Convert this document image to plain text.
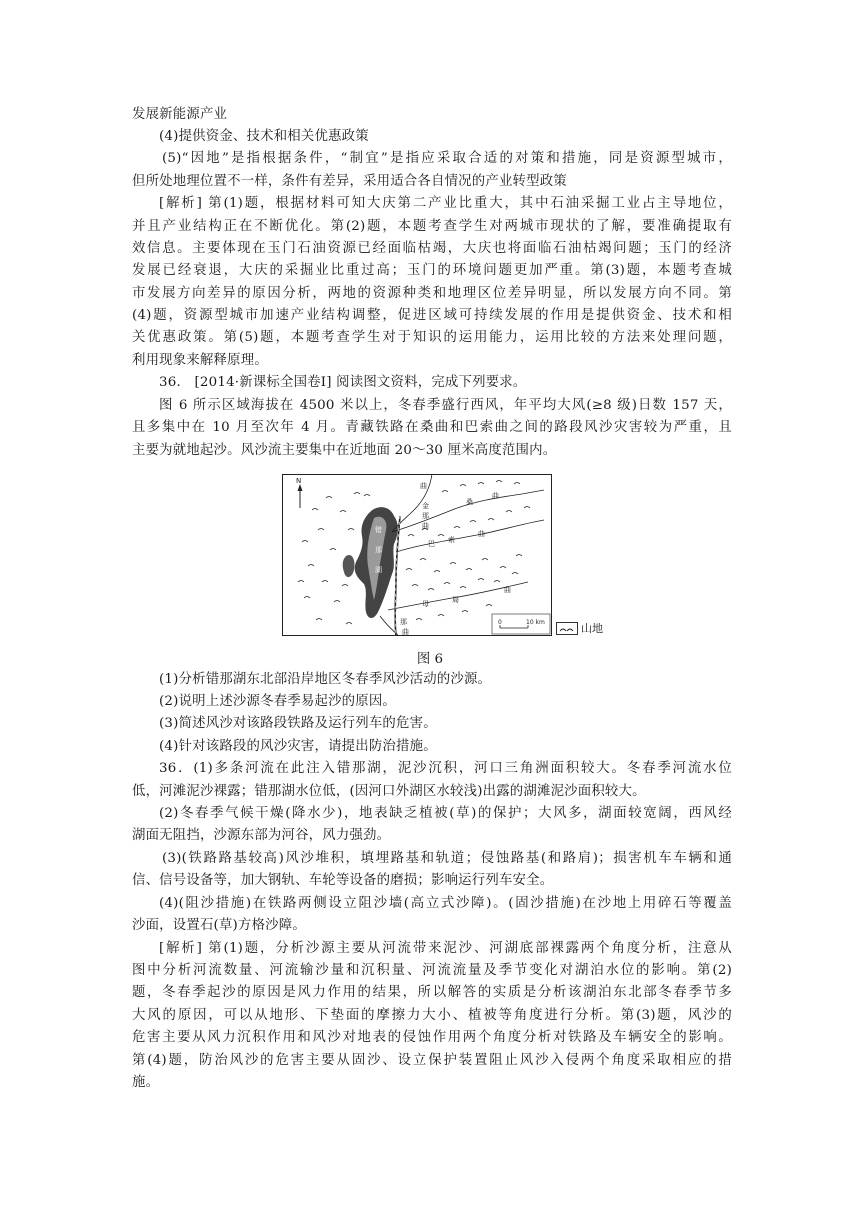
发展新能源产业
(4)提供资金、技术和相关优惠政策
(5)“因地”是指根据条件，“制宜”是指应采取合适的对策和措施，同是资源型城市，
但所处地理位置不一样，条件有差异，采用适合各自情况的产业转型政策
[解析] 第(1)题，根据材料可知大庆第二产业比重大，其中石油采掘工业占主导地位，
并且产业结构正在不断优化。第(2)题，本题考查学生对两城市现状的了解，要准确提取有
效信息。主要体现在玉门石油资源已经面临枯竭，大庆也将面临石油枯竭问题；玉门的经济
发展已经衰退，大庆的采掘业比重过高；玉门的环境问题更加严重。第(3)题，本题考查城
市发展方向差异的原因分析，两地的资源种类和地理区位差异明显，所以发展方向不同。第
(4)题，资源型城市加速产业结构调整，促进区域可持续发展的作用是提供资金、技术和相
关优惠政策。第(5)题，本题考查学生对于知识的运用能力，运用比较的方法来处理问题，
利用现象来解释原理。
36． [2014·新课标全国卷Ⅰ] 阅读图文资料，完成下列要求。
图 6 所示区域海拔在 4500 米以上，冬春季盛行西风，年平均大风(≥8 级)日数 157 天，
且多集中在 10 月至次年 4 月。青藏铁路在桑曲和巴索曲之间的路段风沙灾害较为严重，且
主要为就地起沙。风沙流主要集中在近地面 20～30 厘米高度范围内。
N
桑
曲
曲
金
那
曲
巴 索
曲
错
那
湖
母	局
曲
那
曲
0	10 km	山地
图 6
(1)分析错那湖东北部沿岸地区冬春季风沙活动的沙源。
(2)说明上述沙源冬春季易起沙的原因。
(3)简述风沙对该路段铁路及运行列车的危害。
(4)针对该路段的风沙灾害，请提出防治措施。
36．(1)多条河流在此注入错那湖，泥沙沉积，河口三角洲面积较大。冬春季河流水位
低，河滩泥沙裸露；错那湖水位低，(因河口外湖区水较浅)出露的湖滩泥沙面积较大。
(2)冬春季气候干燥(降水少)，地表缺乏植被(草)的保护；大风多，湖面较宽阔，西风经
湖面无阻挡，沙源东部为河谷，风力强劲。
(3)(铁路路基较高)风沙堆积，填埋路基和轨道；侵蚀路基(和路肩)；损害机车车辆和通
信、信号设备等，加大钢轨、车轮等设备的磨损；影响运行列车安全。
(4)(阻沙措施)在铁路两侧设立阻沙墙(高立式沙障)。(固沙措施)在沙地上用碎石等覆盖
沙面，设置石(草)方格沙障。
[解析] 第(1)题，分析沙源主要从河流带来泥沙、河湖底部裸露两个角度分析，注意从
图中分析河流数量、河流输沙量和沉积量、河流流量及季节变化对湖泊水位的影响。第(2)
题，冬春季起沙的原因是风力作用的结果，所以解答的实质是分析该湖泊东北部冬春季节多
大风的原因，可以从地形、下垫面的摩擦力大小、植被等角度进行分析。第(3)题，风沙的
危害主要从风力沉积作用和风沙对地表的侵蚀作用两个角度分析对铁路及车辆安全的影响。
第(4)题，防治风沙的危害主要从固沙、设立保护装置阻止风沙入侵两个角度采取相应的措
施。
